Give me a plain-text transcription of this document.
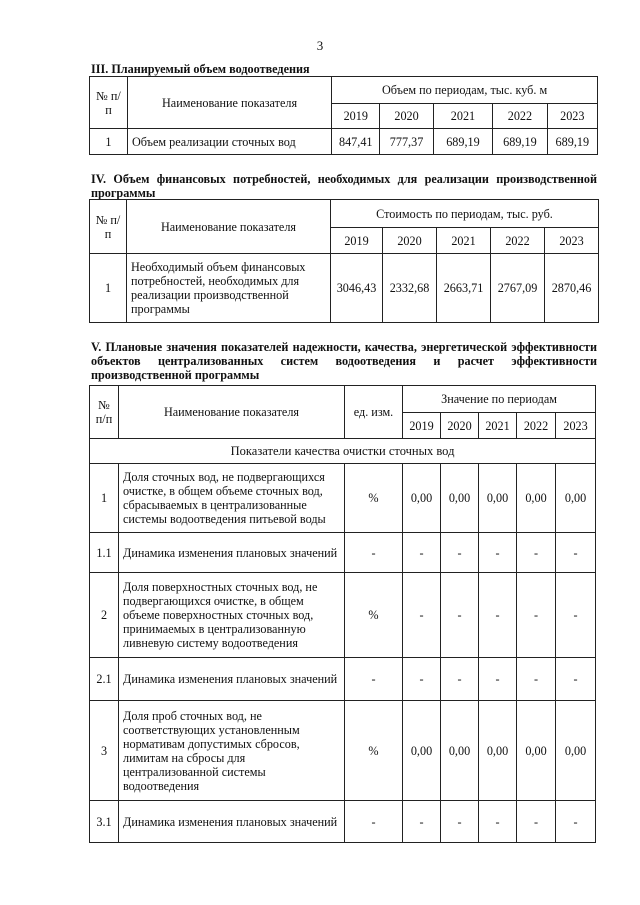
3
III. Планируемый объем водоотведения
№ п/п	Наименование показателя	Объем по периодам, тыс. куб. м				
		2019	2020	2021	2022	2023
1	Объем реализации сточных вод	847,41	777,37	689,19	689,19	689,19
IV. Объем финансовых потребностей, необходимых для реализации производственной программы
№ п/п	Наименование показателя	Стоимость по периодам, тыс. руб.				
		2019	2020	2021	2022	2023
1	Необходимый объем финансовых потребностей, необходимых для реализации производственной программы	3046,43	2332,68	2663,71	2767,09	2870,46
V. Плановые значения показателей надежности, качества, энергетической эффективности объектов централизованных систем водоотведения и расчет эффективности производственной программы
№ п/п	Наименование показателя	ед. изм.	Значение по периодам				
			2019	2020	2021	2022	2023
Показатели качества очистки сточных вод							
1	Доля сточных вод, не подвергающихся очистке, в общем объеме сточных вод, сбрасываемых в централизованные системы водоотведения питьевой воды	%	0,00	0,00	0,00	0,00	0,00
1.1	Динамика изменения плановых значений	-	-	-	-	-	-
2	Доля поверхностных сточных вод, не подвергающихся очистке, в общем объеме поверхностных сточных вод, принимаемых в централизованную ливневую систему водоотведения	%	-	-	-	-	-
2.1	Динамика изменения плановых значений	-	-	-	-	-	-
3	Доля проб сточных вод, не соответствующих установленным нормативам допустимых сбросов, лимитам на сбросы для централизованной системы водоотведения	%	0,00	0,00	0,00	0,00	0,00
3.1	Динамика изменения плановых значений	-	-	-	-	-	-
